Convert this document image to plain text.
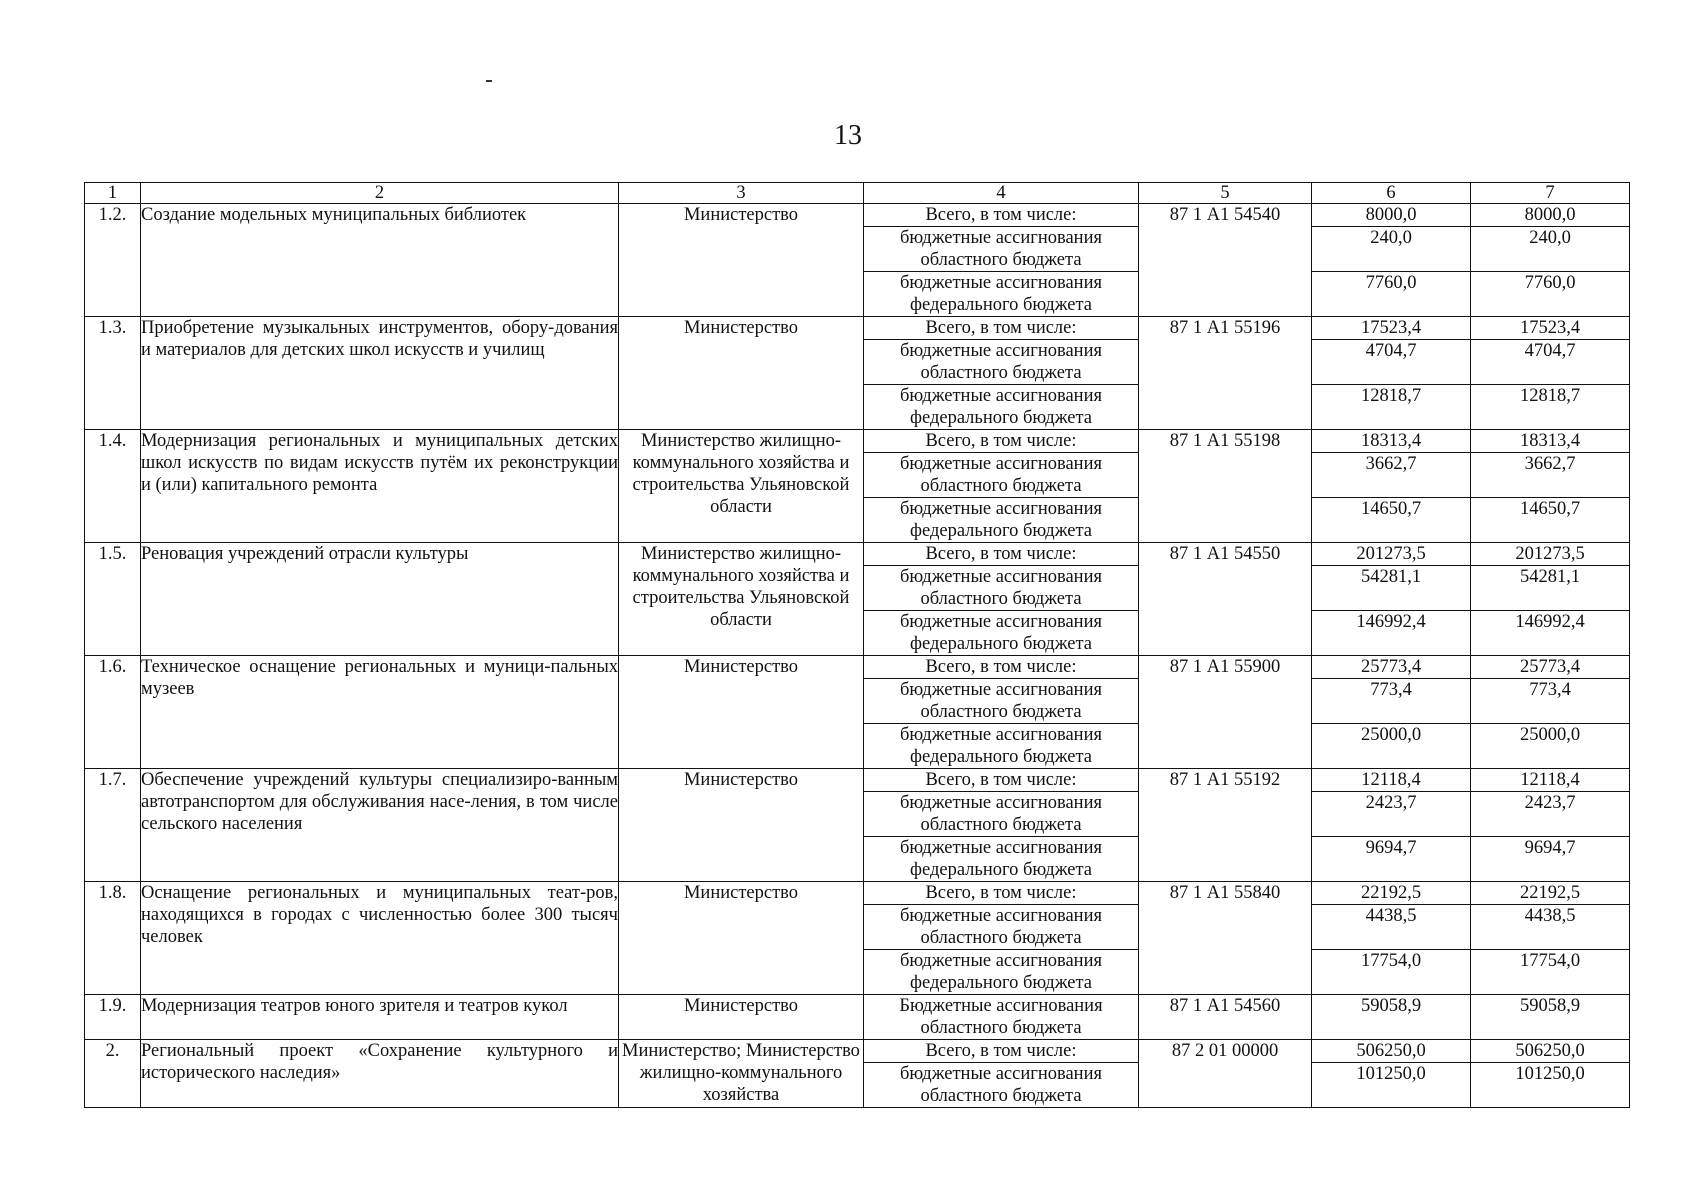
13
1	2	3	4	5	6	7
1.2.	Создание модельных муниципальных библиотек	Министерство	Всего, в том числе:	87 1 А1 54540	8000,0	8000,0
			бюджетные ассигнования областного бюджета		240,0	240,0
			бюджетные ассигнования федерального бюджета		7760,0	7760,0
1.3.	Приобретение музыкальных инструментов, обору-дования и материалов для детских школ искусств и училищ	Министерство	Всего, в том числе:	87 1 А1 55196	17523,4	17523,4
			бюджетные ассигнования областного бюджета		4704,7	4704,7
			бюджетные ассигнования федерального бюджета		12818,7	12818,7
1.4.	Модернизация региональных и муниципальных детских школ искусств по видам искусств путём их реконструкции и (или) капитального ремонта	Министерство жилищно-коммунального хозяйства и строительства Ульяновской области	Всего, в том числе:	87 1 А1 55198	18313,4	18313,4
			бюджетные ассигнования областного бюджета		3662,7	3662,7
			бюджетные ассигнования федерального бюджета		14650,7	14650,7
1.5.	Реновация учреждений отрасли культуры	Министерство жилищно-коммунального хозяйства и строительства Ульяновской области	Всего, в том числе:	87 1 А1 54550	201273,5	201273,5
			бюджетные ассигнования областного бюджета		54281,1	54281,1
			бюджетные ассигнования федерального бюджета		146992,4	146992,4
1.6.	Техническое оснащение региональных и муници-пальных музеев	Министерство	Всего, в том числе:	87 1 А1 55900	25773,4	25773,4
			бюджетные ассигнования областного бюджета		773,4	773,4
			бюджетные ассигнования федерального бюджета		25000,0	25000,0
1.7.	Обеспечение учреждений культуры специализиро-ванным автотранспортом для обслуживания насе-ления, в том числе сельского населения	Министерство	Всего, в том числе:	87 1 А1 55192	12118,4	12118,4
			бюджетные ассигнования областного бюджета		2423,7	2423,7
			бюджетные ассигнования федерального бюджета		9694,7	9694,7
1.8.	Оснащение региональных и муниципальных теат-ров, находящихся в городах с численностью более 300 тысяч человек	Министерство	Всего, в том числе:	87 1 А1 55840	22192,5	22192,5
			бюджетные ассигнования областного бюджета		4438,5	4438,5
			бюджетные ассигнования федерального бюджета		17754,0	17754,0
1.9.	Модернизация театров юного зрителя и театров кукол	Министерство	Бюджетные ассигнования областного бюджета	87 1 А1 54560	59058,9	59058,9
2.	Региональный проект «Сохранение культурного и исторического наследия»	Министерство; Министерство жилищно-коммунального хозяйства	Всего, в том числе:	87 2 01 00000	506250,0	506250,0
			бюджетные ассигнования областного бюджета		101250,0	101250,0
